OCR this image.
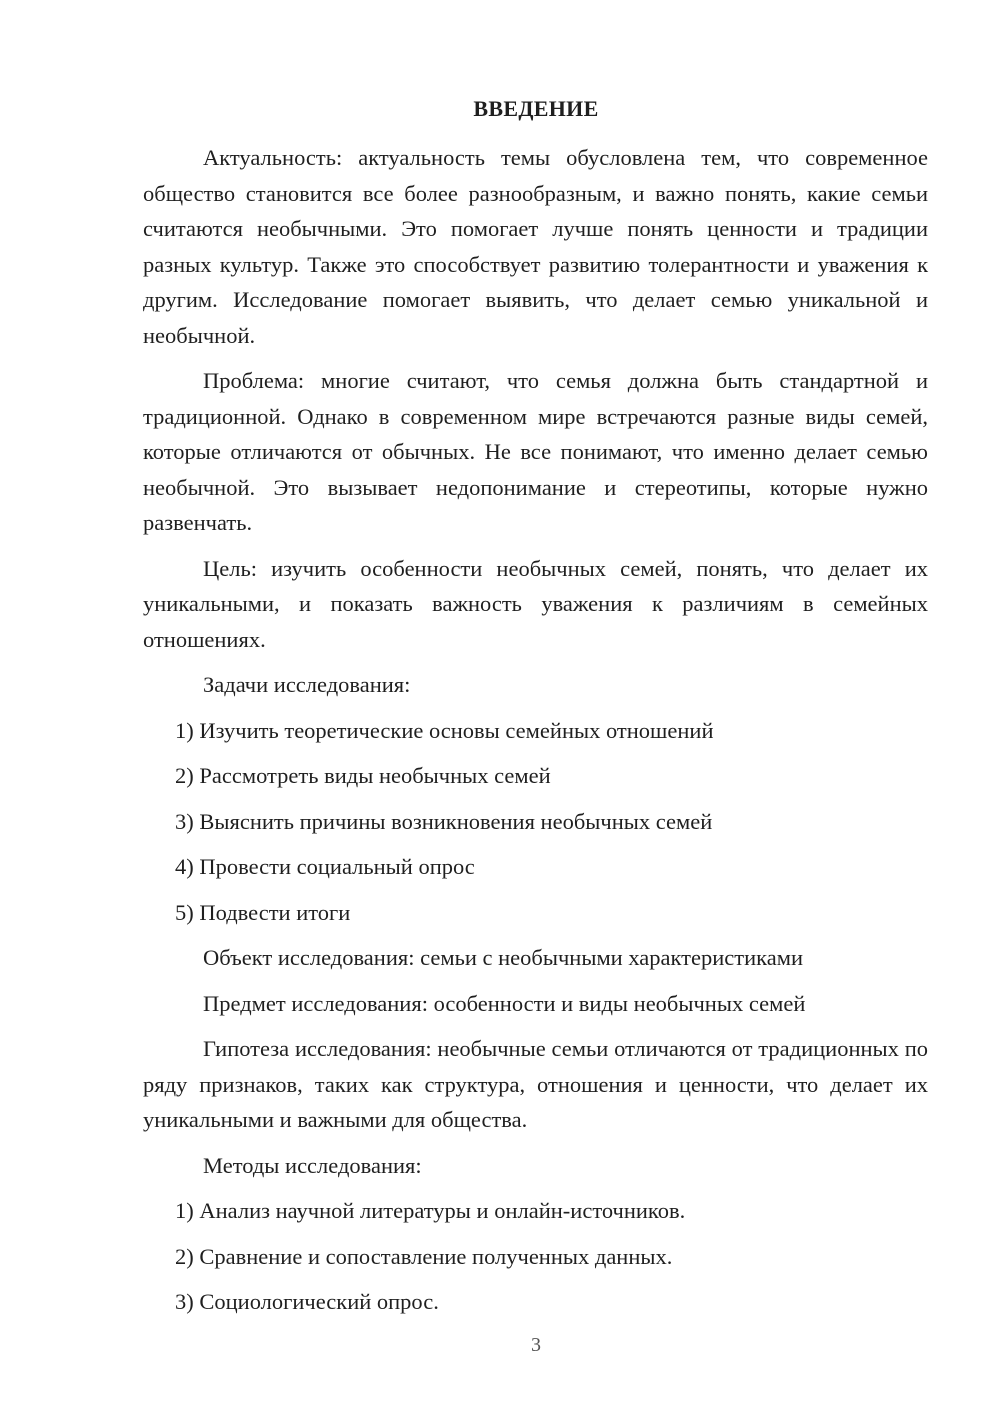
ВВЕДЕНИЕ

Актуальность: актуальность темы обусловлена тем, что современное общество становится все более разнообразным, и важно понять, какие семьи считаются необычными. Это помогает лучше понять ценности и традиции разных культур. Также это способствует развитию толерантности и уважения к другим. Исследование помогает выявить, что делает семью уникальной и необычной.

Проблема: многие считают, что семья должна быть стандартной и традиционной. Однако в современном мире встречаются разные виды семей, которые отличаются от обычных. Не все понимают, что именно делает семью необычной. Это вызывает недопонимание и стереотипы, которые нужно развенчать.

Цель: изучить особенности необычных семей, понять, что делает их уникальными, и показать важность уважения к различиям в семейных отношениях.

Задачи исследования:

1) Изучить теоретические основы семейных отношений

2) Рассмотреть виды необычных семей

3) Выяснить причины возникновения необычных семей

4) Провести социальный опрос

5) Подвести итоги

Объект исследования: семьи с необычными характеристиками

Предмет исследования: особенности и виды необычных семей

Гипотеза исследования: необычные семьи отличаются от традиционных по ряду признаков, таких как структура, отношения и ценности, что делает их уникальными и важными для общества.

Методы исследования:

1) Анализ научной литературы и онлайн-источников.

2) Сравнение и сопоставление полученных данных.

3) Социологический опрос.

3
